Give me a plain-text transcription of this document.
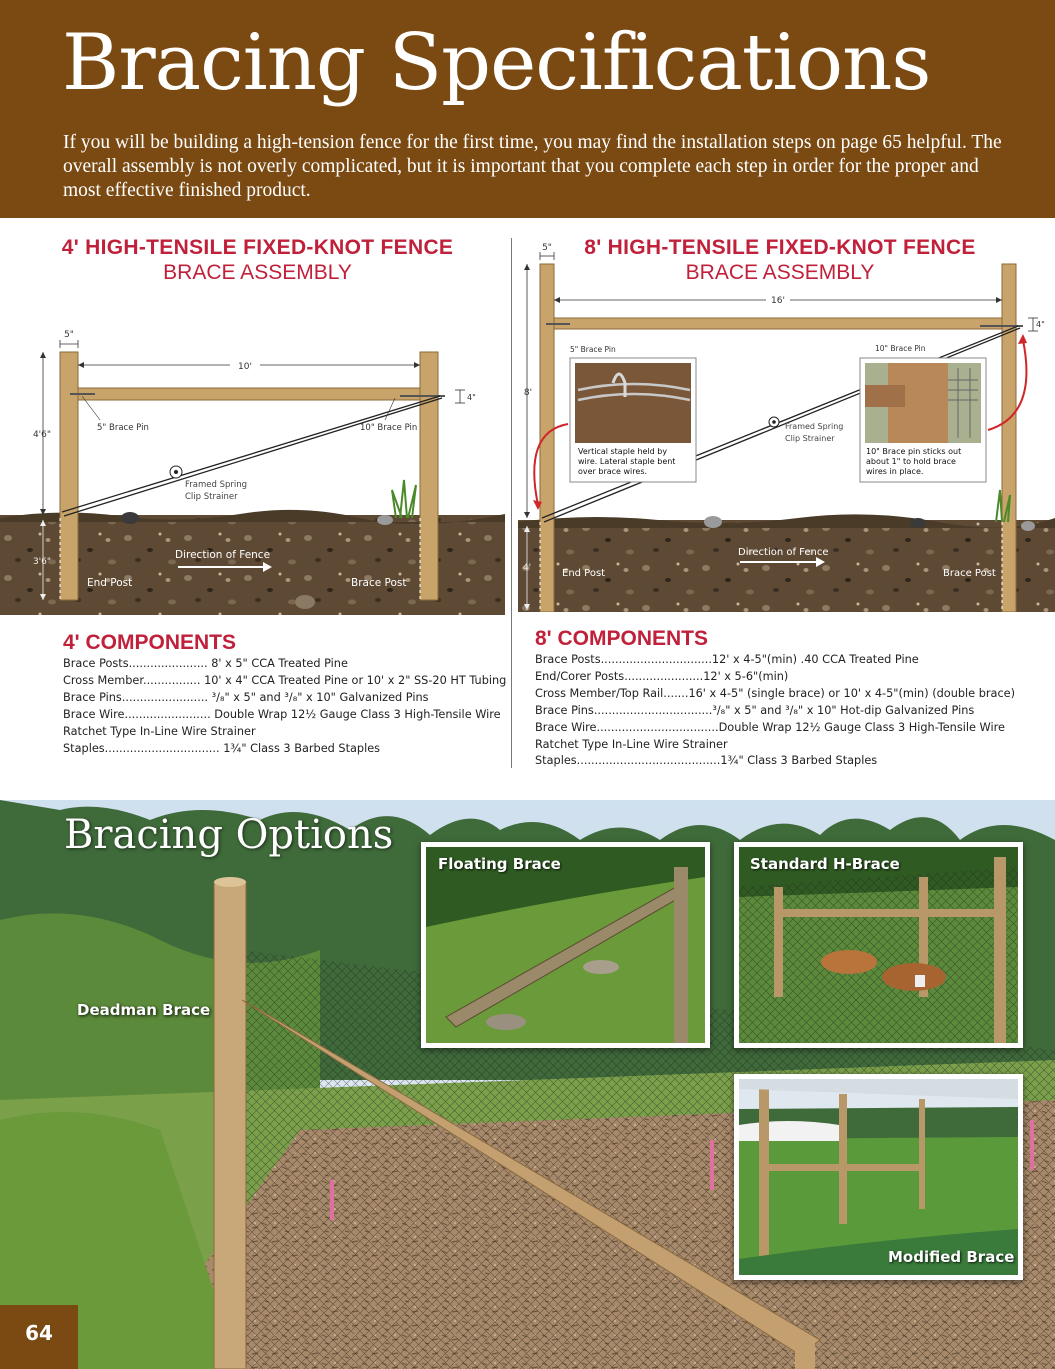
Bracing Specifications
If you will be building a high-tension fence for the first time, you may find the installation steps on page 65 helpful. The overall assembly is not overly complicated, but it is important that you complete each step in order for the proper and most effective finished product.
4' HIGH-TENSILE FIXED-KNOT FENCE
BRACE ASSEMBLY
8' HIGH-TENSILE FIXED-KNOT FENCE
BRACE ASSEMBLY
10'
5"
4'6"
3'6"
4"
5" Brace Pin	10" Brace Pin
Framed Spring
Clip Strainer
Direction of Fence
End Post	Brace Post
16'
5"
8'
4'
4"
5" Brace Pin	10" Brace Pin
Framed Spring
Clip Strainer
Vertical staple held by
wire. Lateral staple bent
over brace wires.
10" Brace pin sticks out
about 1" to hold brace
wires in place.
Direction of Fence
End Post	Brace Post
4' COMPONENTS
Brace Posts...................... 8' x 5" CCA Treated Pine
Cross Member................ 10' x 4" CCA Treated Pine or 10' x 2" SS-20 HT Tubing
Brace Pins........................ ³/₈" x 5" and ³/₈" x 10" Galvanized Pins
Brace Wire........................ Double Wrap 12½ Gauge Class 3 High-Tensile Wire
Ratchet Type In-Line Wire Strainer
Staples................................ 1¾" Class 3 Barbed Staples
8' COMPONENTS
Brace Posts...............................12' x 4-5"(min) .40 CCA Treated Pine
End/Corer Posts......................12' x 5-6"(min)
Cross Member/Top Rail.......16' x 4-5" (single brace) or 10' x 4-5"(min) (double brace)
Brace Pins.................................³/₈" x 5" and ³/₈" x 10" Hot-dip Galvanized Pins
Brace Wire..................................Double Wrap 12½ Gauge Class 3 High-Tensile Wire
Ratchet Type In-Line Wire Strainer
Staples........................................1¾" Class 3 Barbed Staples
Bracing Options
Deadman Brace
Floating Brace	Standard H-Brace
Modified Brace
64
